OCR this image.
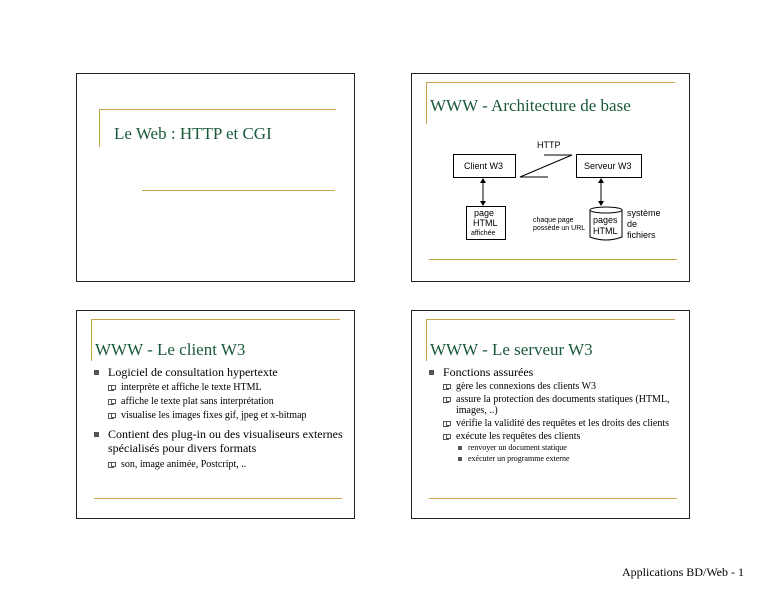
Le Web : HTTP et CGI
WWW - Architecture de base
HTTP
Client W3	Serveur W3
page
HTML
affichée
chaque page
possède un URL
pages
HTML
système
de
fichiers
WWW - Le client W3
Logiciel de consultation hypertexte
interprète et affiche le texte HTML
affiche le texte plat sans interprétation
visualise les images fixes gif, jpeg et x-bitmap
Contient des plug-in ou des visualiseurs externes
spécialisés pour divers formats
son, image animée, Postcript, ..
WWW - Le serveur W3
Fonctions assurées
gère les connexions des clients W3
assure la protection des documents statiques (HTML,
images, ..)
vérifie la validité des requêtes et les droits des clients
exécute les requêtes des clients
renvoyer un document statique
exécuter un programme externe
Applications BD/Web - 1
